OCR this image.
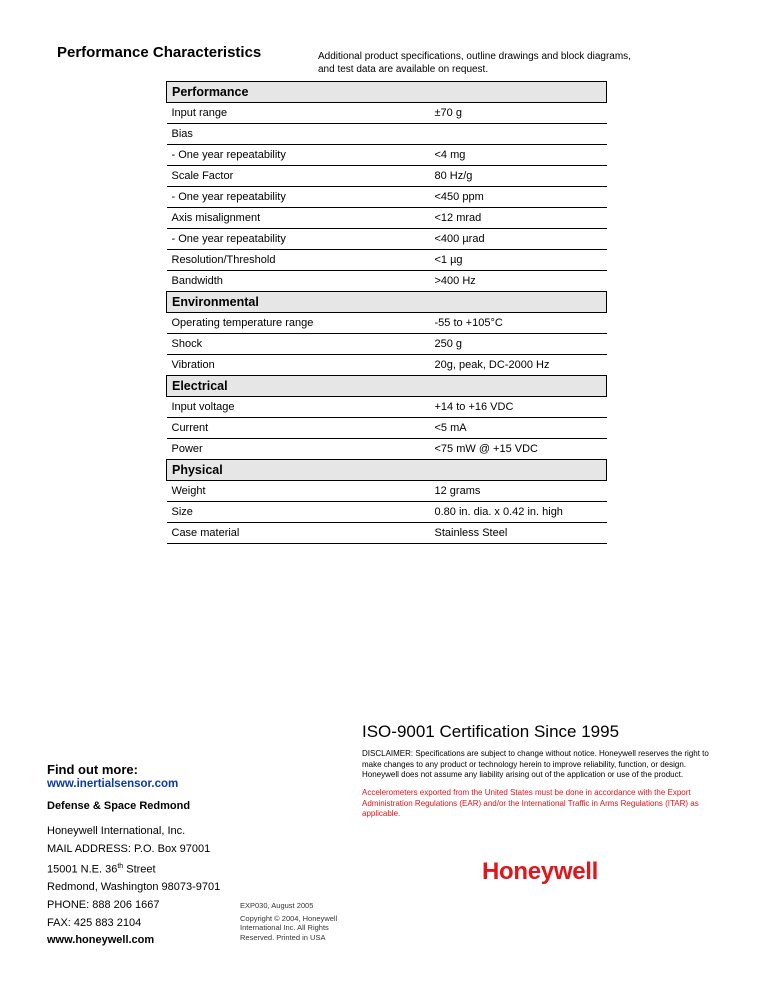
Performance Characteristics	Additional product specifications, outline drawings and block diagrams, and test data are available on request.
Performance	
Input range	±70 g
Bias	
- One year repeatability	<4 mg
Scale Factor	80 Hz/g
- One year repeatability	<450 ppm
Axis misalignment	<12 mrad
- One year repeatability	<400 µrad
Resolution/Threshold	<1 µg
Bandwidth	>400 Hz
Environmental	
Operating temperature range	-55 to +105°C
Shock	250 g
Vibration	20g, peak, DC-2000 Hz
Electrical	
Input voltage	+14 to +16 VDC
Current	<5 mA
Power	<75 mW @ +15 VDC
Physical	
Weight	12 grams
Size	0.80 in. dia. x 0.42 in. high
Case material	Stainless Steel
ISO-9001 Certification Since 1995
DISCLAIMER: Specifications are subject to change without notice. Honeywell reserves the right to make changes to any product or technology herein to improve reliability, function, or design. Honeywell does not assume any liability arising out of the application or use of the product.
Accelerometers exported from the United States must be done in accordance with the Export Administration Regulations (EAR) and/or the International Traffic in Arms Regulations (ITAR) as applicable.
Honeywell
Find out more:
www.inertialsensor.com
Defense & Space Redmond
Honeywell International, Inc.
MAIL ADDRESS: P.O. Box 97001
15001 N.E. 36th Street
Redmond, Washington 98073-9701
PHONE: 888 206 1667
FAX: 425 883 2104
www.honeywell.com
EXP030, August 2005
Copyright © 2004, Honeywell International Inc. All Rights Reserved. Printed in USA
